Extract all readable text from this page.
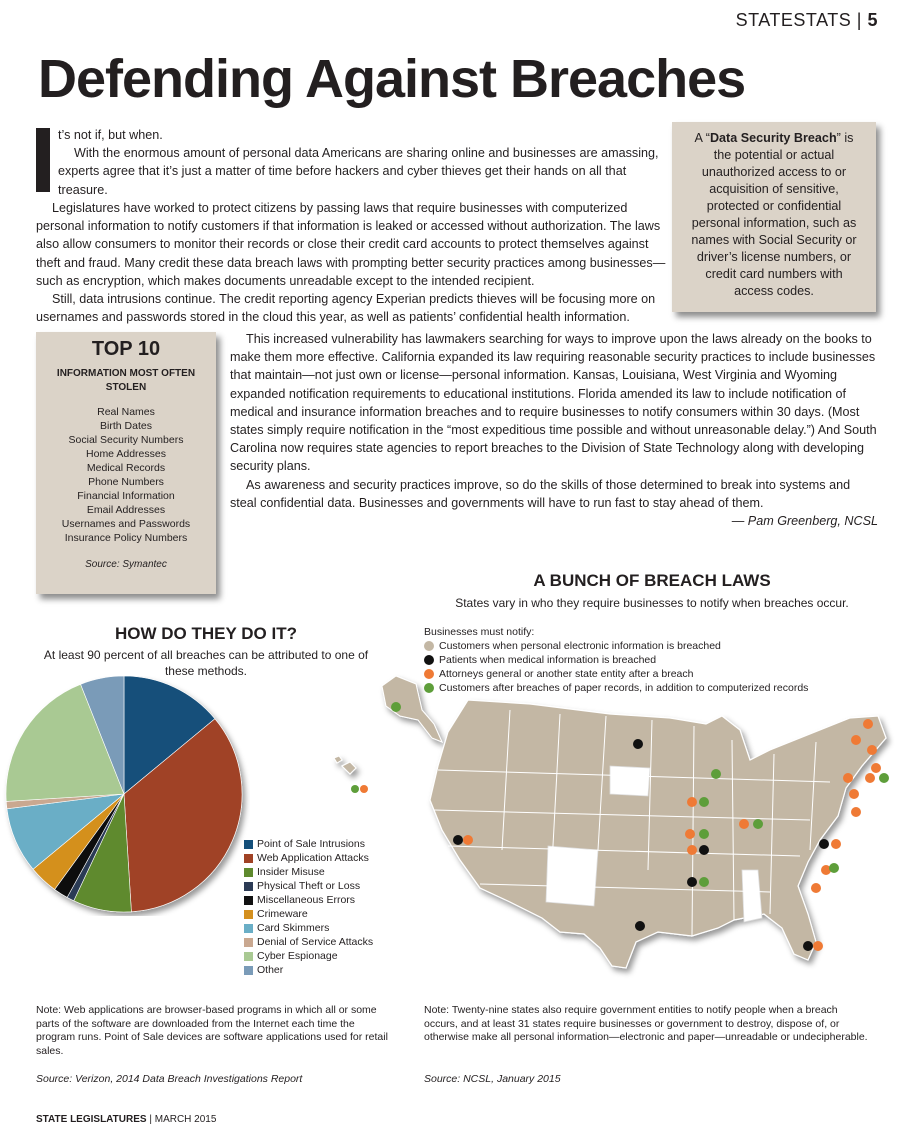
STATESTATS | 5
Defending Against Breaches

t’s not if, but when.

With the enormous amount of personal data Americans are sharing online and businesses are amassing, experts agree that it’s just a matter of time before hackers and cyber thieves get their hands on all that treasure.

Legislatures have worked to protect citizens by passing laws that require businesses with computerized personal information to notify customers if that information is leaked or accessed without authorization. The laws also allow consumers to monitor their records or close their credit card accounts to protect themselves against theft and fraud. Many credit these data breach laws with prompting better security practices among businesses—such as encryption, which makes documents unreadable except to the intended recipient.

Still, data intrusions continue. The credit reporting agency Experian predicts thieves will be focusing more on usernames and passwords stored in the cloud this year, as well as patients’ confidential health information.

This increased vulnerability has lawmakers searching for ways to improve upon the laws already on the books to make them more effective. California expanded its law requiring reasonable security practices to include businesses that maintain—not just own or license—personal information. Kansas, Louisiana, West Virginia and Wyoming expanded notification requirements to educational institutions. Florida amended its law to include notification of medical and insurance information breaches and to require businesses to notify consumers within 30 days. (Most states simply require notification in the “most expeditious time possible and without unreasonable delay.”) And South Carolina now requires state agencies to report breaches to the Division of State Technology along with developing security plans.

As awareness and security practices improve, so do the skills of those determined to break into systems and steal confidential data. Businesses and governments will have to run fast to stay ahead of them.

— Pam Greenberg, NCSL

A “Data Security Breach” is the potential or actual unauthorized access to or acquisition of sensitive, protected or confidential personal information, such as names with Social Security or driver’s license numbers, or credit card numbers with access codes.

TOP 10
INFORMATION MOST OFTEN STOLEN
Real Names
Birth Dates
Social Security Numbers
Home Addresses
Medical Records
Phone Numbers
Financial Information
Email Addresses
Usernames and Passwords
Insurance Policy Numbers
Source: Symantec
HOW DO THEY DO IT?
At least 90 percent of all breaches can be attributed to one of these methods.
Point of Sale Intrusions
Web Application Attacks
Insider Misuse
Physical Theft or Loss
Miscellaneous Errors
Crimeware
Card Skimmers
Denial of Service Attacks
Cyber Espionage
Other
Note: Web applications are browser-based programs in which all or some parts of the software are downloaded from the Internet each time the program runs. Point of Sale devices are software applications used for retail sales.
Source: Verizon, 2014 Data Breach Investigations Report
A BUNCH OF BREACH LAWS
States vary in who they require businesses to notify when breaches occur.
Businesses must notify:
Customers when personal electronic information is breached
Patients when medical information is breached
Attorneys general or another state entity after a breach
Customers after breaches of paper records, in addition to computerized records
Note: Twenty-nine states also require government entities to notify people when a breach occurs, and at least 31 states require businesses or government to destroy, dispose of, or otherwise make all personal information—electronic and paper—unreadable or undecipherable.
Source: NCSL, January 2015
STATE LEGISLATURES | MARCH 2015
